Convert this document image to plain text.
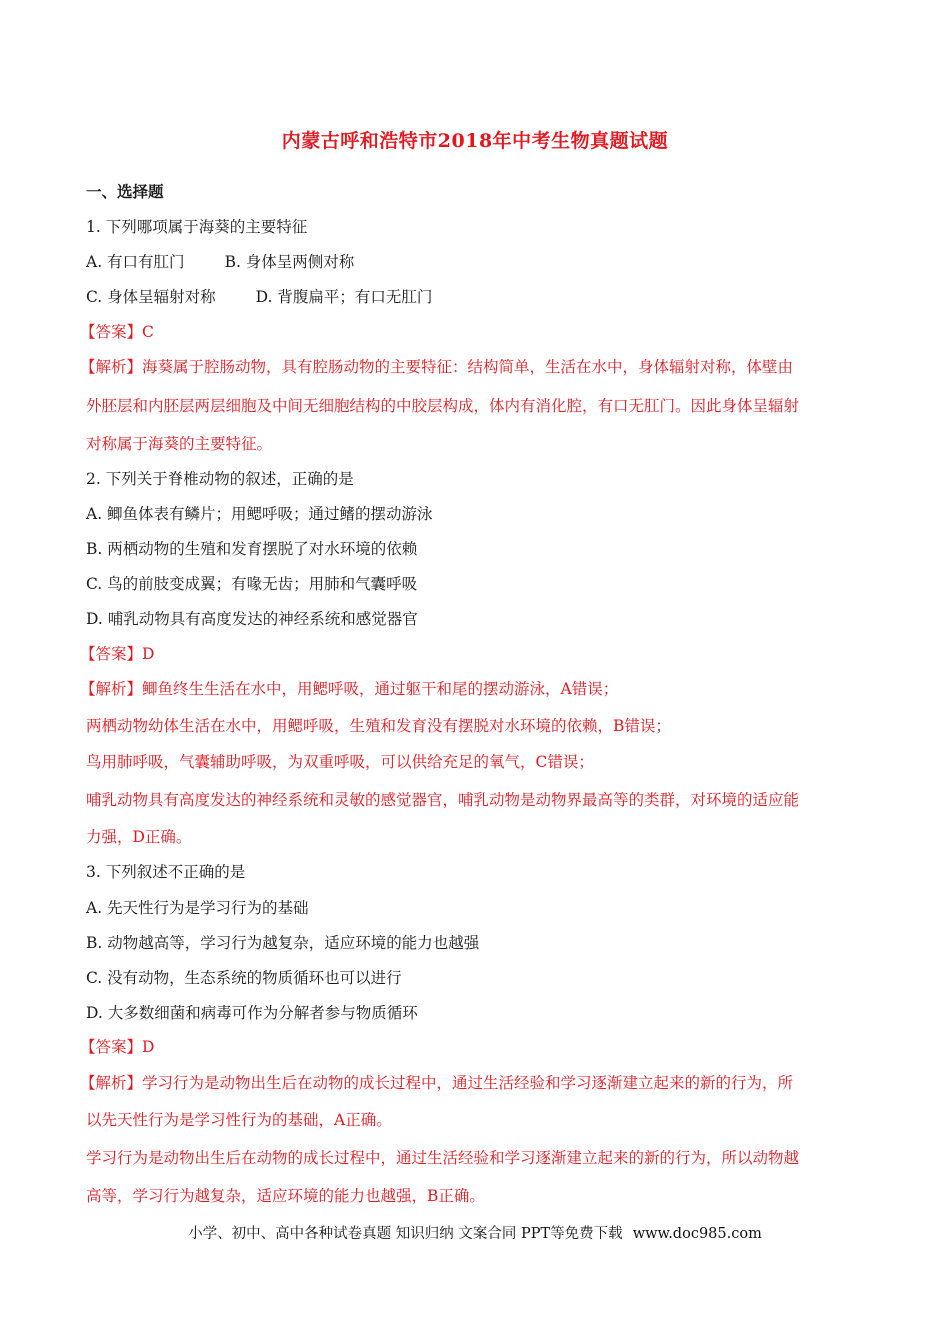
内蒙古呼和浩特市2018年中考生物真题试题
一、选择题
1. 下列哪项属于海葵的主要特征
A. 有口有肛门	B. 身体呈两侧对称
C. 身体呈辐射对称	D. 背腹扁平；有口无肛门
【答案】C
【解析】海葵属于腔肠动物，具有腔肠动物的主要特征：结构简单，生活在水中，身体辐射对称，体壁由
外胚层和内胚层两层细胞及中间无细胞结构的中胶层构成，体内有消化腔，有口无肛门。因此身体呈辐射
对称属于海葵的主要特征。
2. 下列关于脊椎动物的叙述，正确的是
A. 鲫鱼体表有鳞片；用鳃呼吸；通过鳍的摆动游泳
B. 两栖动物的生殖和发育摆脱了对水环境的依赖
C. 鸟的前肢变成翼；有喙无齿；用肺和气囊呼吸
D. 哺乳动物具有高度发达的神经系统和感觉器官
【答案】D
【解析】鲫鱼终生生活在水中，用鳃呼吸，通过躯干和尾的摆动游泳，A错误；
两栖动物幼体生活在水中，用鳃呼吸，生殖和发育没有摆脱对水环境的依赖，B错误；
鸟用肺呼吸，气囊辅助呼吸，为双重呼吸，可以供给充足的氧气，C错误；
哺乳动物具有高度发达的神经系统和灵敏的感觉器官，哺乳动物是动物界最高等的类群，对环境的适应能
力强，D正确。
3. 下列叙述不正确的是
A. 先天性行为是学习行为的基础
B. 动物越高等，学习行为越复杂，适应环境的能力也越强
C. 没有动物，生态系统的物质循环也可以进行
D. 大多数细菌和病毒可作为分解者参与物质循环
【答案】D
【解析】学习行为是动物出生后在动物的成长过程中，通过生活经验和学习逐渐建立起来的新的行为，所
以先天性行为是学习性行为的基础，A正确。
学习行为是动物出生后在动物的成长过程中，通过生活经验和学习逐渐建立起来的新的行为，所以动物越
高等，学习行为越复杂，适应环境的能力也越强，B正确。
小学、初中、高中各种试卷真题 知识归纳 文案合同 PPT等免费下载 www.doc985.com
